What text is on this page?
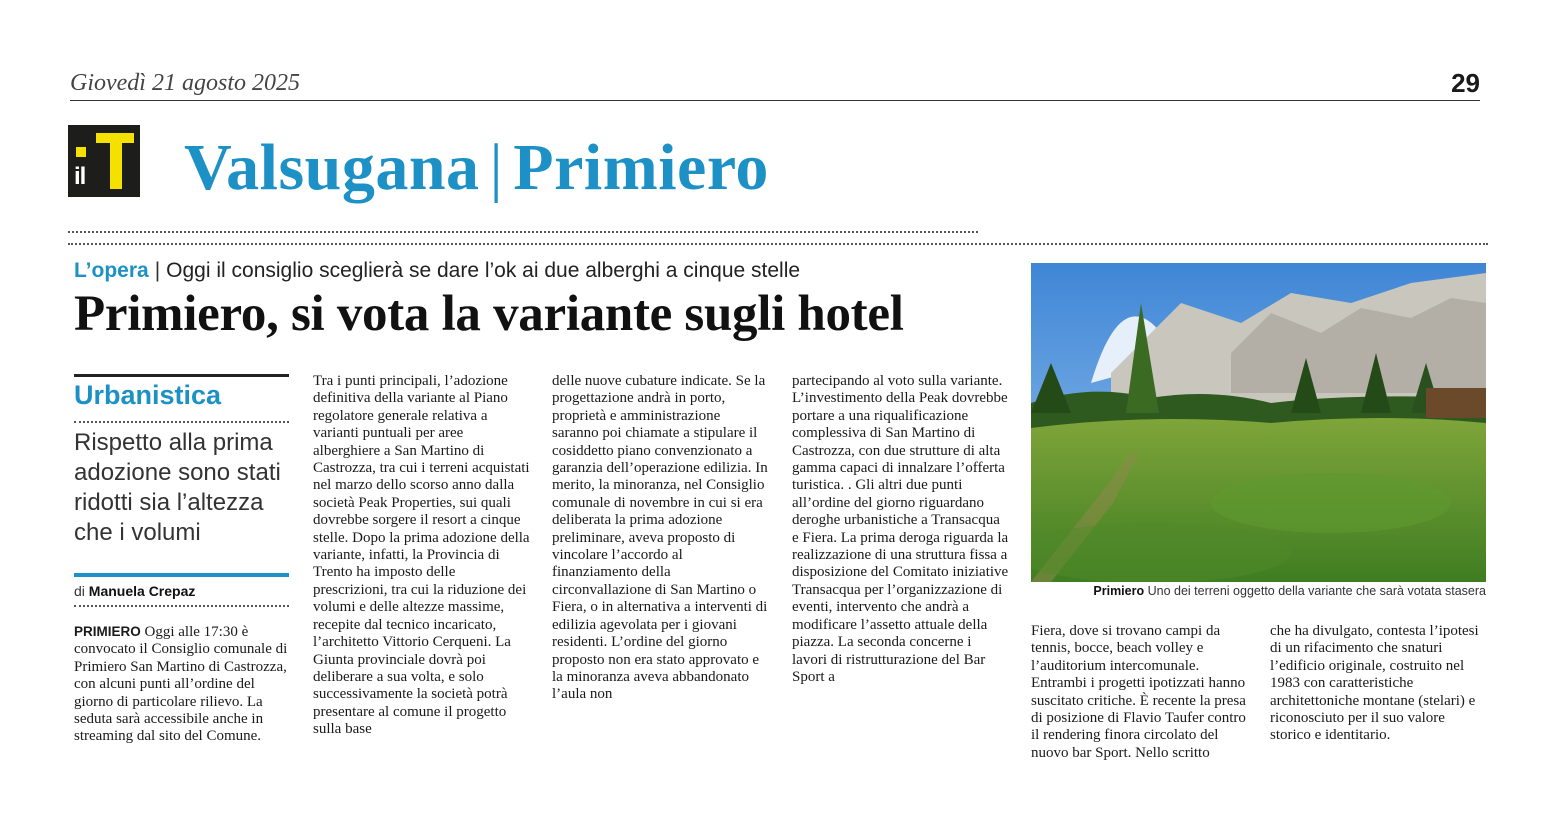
Giovedì 21 agosto 2025	29
il Valsugana | Primiero
L’opera | Oggi il consiglio sceglierà se dare l’ok ai due alberghi a cinque stelle
Primiero, si vota la variante sugli hotel
Urbanistica
Rispetto alla prima adozione sono stati ridotti sia l’altezza che i volumi
di Manuela Crepaz
PRIMIERO Oggi alle 17:30 è convocato il Consiglio comunale di Primiero San Martino di Castrozza, con alcuni punti all’ordine del giorno di particolare rilievo. La seduta sarà accessibile anche in streaming dal sito del Comune.
Tra i punti principali, l’adozione definitiva della variante al Piano regolatore generale relativa a varianti puntuali per aree alberghiere a San Martino di Castrozza, tra cui i terreni acquistati nel marzo dello scorso anno dalla società Peak Properties, sui quali dovrebbe sorgere il resort a cinque stelle. Dopo la prima adozione della variante, infatti, la Provincia di Trento ha imposto delle prescrizioni, tra cui la riduzione dei volumi e delle altezze massime, recepite dal tecnico incaricato, l’architetto Vittorio Cerqueni. La Giunta provinciale dovrà poi deliberare a sua volta, e solo successivamente la società potrà presentare al comune il progetto sulla base
delle nuove cubature indicate. Se la progettazione andrà in porto, proprietà e amministrazione saranno poi chiamate a stipulare il cosiddetto piano convenzionato a garanzia dell’operazione edilizia. In merito, la minoranza, nel Consiglio comunale di novembre in cui si era deliberata la prima adozione preliminare, aveva proposto di vincolare l’accordo al finanziamento della circonvallazione di San Martino o Fiera, o in alternativa a interventi di edilizia agevolata per i giovani residenti. L’ordine del giorno proposto non era stato approvato e la minoranza aveva abbandonato l’aula non
partecipando al voto sulla variante. L’investimento della Peak dovrebbe portare a una riqualificazione complessiva di San Martino di Castrozza, con due strutture di alta gamma capaci di innalzare l’offerta turistica. . Gli altri due punti all’ordine del giorno riguardano deroghe urbanistiche a Transacqua e Fiera. La prima deroga riguarda la realizzazione di una struttura fissa a disposizione del Comitato iniziative Transacqua per l’organizzazione di eventi, intervento che andrà a modificare l’assetto attuale della piazza. La seconda concerne i lavori di ristrutturazione del Bar Sport a
Fiera, dove si trovano campi da tennis, bocce, beach volley e l’auditorium intercomunale. Entrambi i progetti ipotizzati hanno suscitato critiche. È recente la presa di posizione di Flavio Taufer contro il rendering finora circolato del nuovo bar Sport. Nello scritto
che ha divulgato, contesta l’ipotesi di un rifacimento che snaturi l’edificio originale, costruito nel 1983 con caratteristiche architettoniche montane (stelari) e riconosciuto per il suo valore storico e identitario.
Primiero Uno dei terreni oggetto della variante che sarà votata stasera
